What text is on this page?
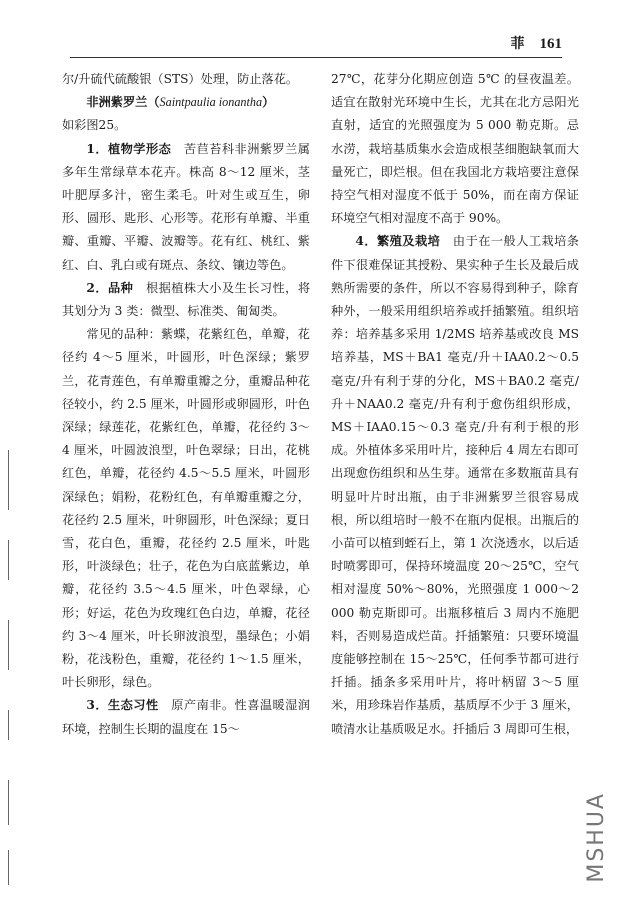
菲 161

尔/升硫代硫酸银（STS）处理，防止落花。

非洲紫罗兰（Saintpaulia ionantha）

如彩图25。

1．植物学形态　苦苣苔科非洲紫罗兰属多年生常绿草本花卉。株高 8～12 厘米，茎叶肥厚多汁，密生柔毛。叶对生或互生，卵形、圆形、匙形、心形等。花形有单瓣、半重瓣、重瓣、平瓣、波瓣等。花有红、桃红、紫红、白、乳白或有斑点、条纹、镶边等色。

2．品种　根据植株大小及生长习性，将其划分为 3 类：微型、标准类、匍匐类。

常见的品种：紫蝶，花紫红色，单瓣，花径约 4～5 厘米，叶圆形，叶色深绿；紫罗兰，花青莲色，有单瓣重瓣之分，重瓣品种花径较小，约 2.5 厘米，叶圆形或卵圆形，叶色深绿；绿莲花，花紫红色，单瓣，花径约 3～4 厘米，叶圆波浪型，叶色翠绿；日出，花桃红色，单瓣，花径约 4.5～5.5 厘米，叶圆形深绿色；娟粉，花粉红色，有单瓣重瓣之分，花径约 2.5 厘米，叶卵圆形，叶色深绿；夏日雪，花白色，重瓣，花径约 2.5 厘米，叶匙形，叶淡绿色；壮子，花色为白底蓝紫边，单瓣，花径约 3.5～4.5 厘米，叶色翠绿，心形；好运，花色为玫瑰红色白边，单瓣，花径约 3～4 厘米，叶长卵波浪型，墨绿色；小娟粉，花浅粉色，重瓣，花径约 1～1.5 厘米，叶长卵形，绿色。

3．生态习性　原产南非。性喜温暖湿润环境，控制生长期的温度在 15～

27℃，花芽分化期应创造 5℃ 的昼夜温差。适宜在散射光环境中生长，尤其在北方忌阳光直射，适宜的光照强度为 5 000 勒克斯。忌水涝，栽培基质集水会造成根茎细胞缺氧而大量死亡，即烂根。但在我国北方栽培要注意保持空气相对湿度不低于 50%，而在南方保证环境空气相对湿度不高于 90%。

4．繁殖及栽培　由于在一般人工栽培条件下很难保证其授粉、果实种子生长及最后成熟所需要的条件，所以不容易得到种子，除育种外，一般采用组织培养或扦插繁殖。组织培养：培养基多采用 1/2MS 培养基或改良 MS 培养基，MS＋BA1 毫克/升＋IAA0.2～0.5 毫克/升有利于芽的分化，MS＋BA0.2 毫克/升＋NAA0.2 毫克/升有利于愈伤组织形成，MS＋IAA0.15～0.3 毫克/升有利于根的形成。外植体多采用叶片，接种后 4 周左右即可出现愈伤组织和丛生芽。通常在多数瓶苗具有明显叶片时出瓶，由于非洲紫罗兰很容易成根，所以组培时一般不在瓶内促根。出瓶后的小苗可以植到蛭石上，第 1 次浇透水，以后适时喷雾即可，保持环境温度 20～25℃，空气相对湿度 50%～80%，光照强度 1 000～2 000 勒克斯即可。出瓶移植后 3 周内不施肥料，否则易造成烂苗。扦插繁殖：只要环境温度能够控制在 15～25℃，任何季节都可进行扦插。插条多采用叶片，将叶柄留 3～5 厘米，用珍珠岩作基质，基质厚不少于 3 厘米，喷清水让基质吸足水。扦插后 3 周即可生根，

MSHUA
